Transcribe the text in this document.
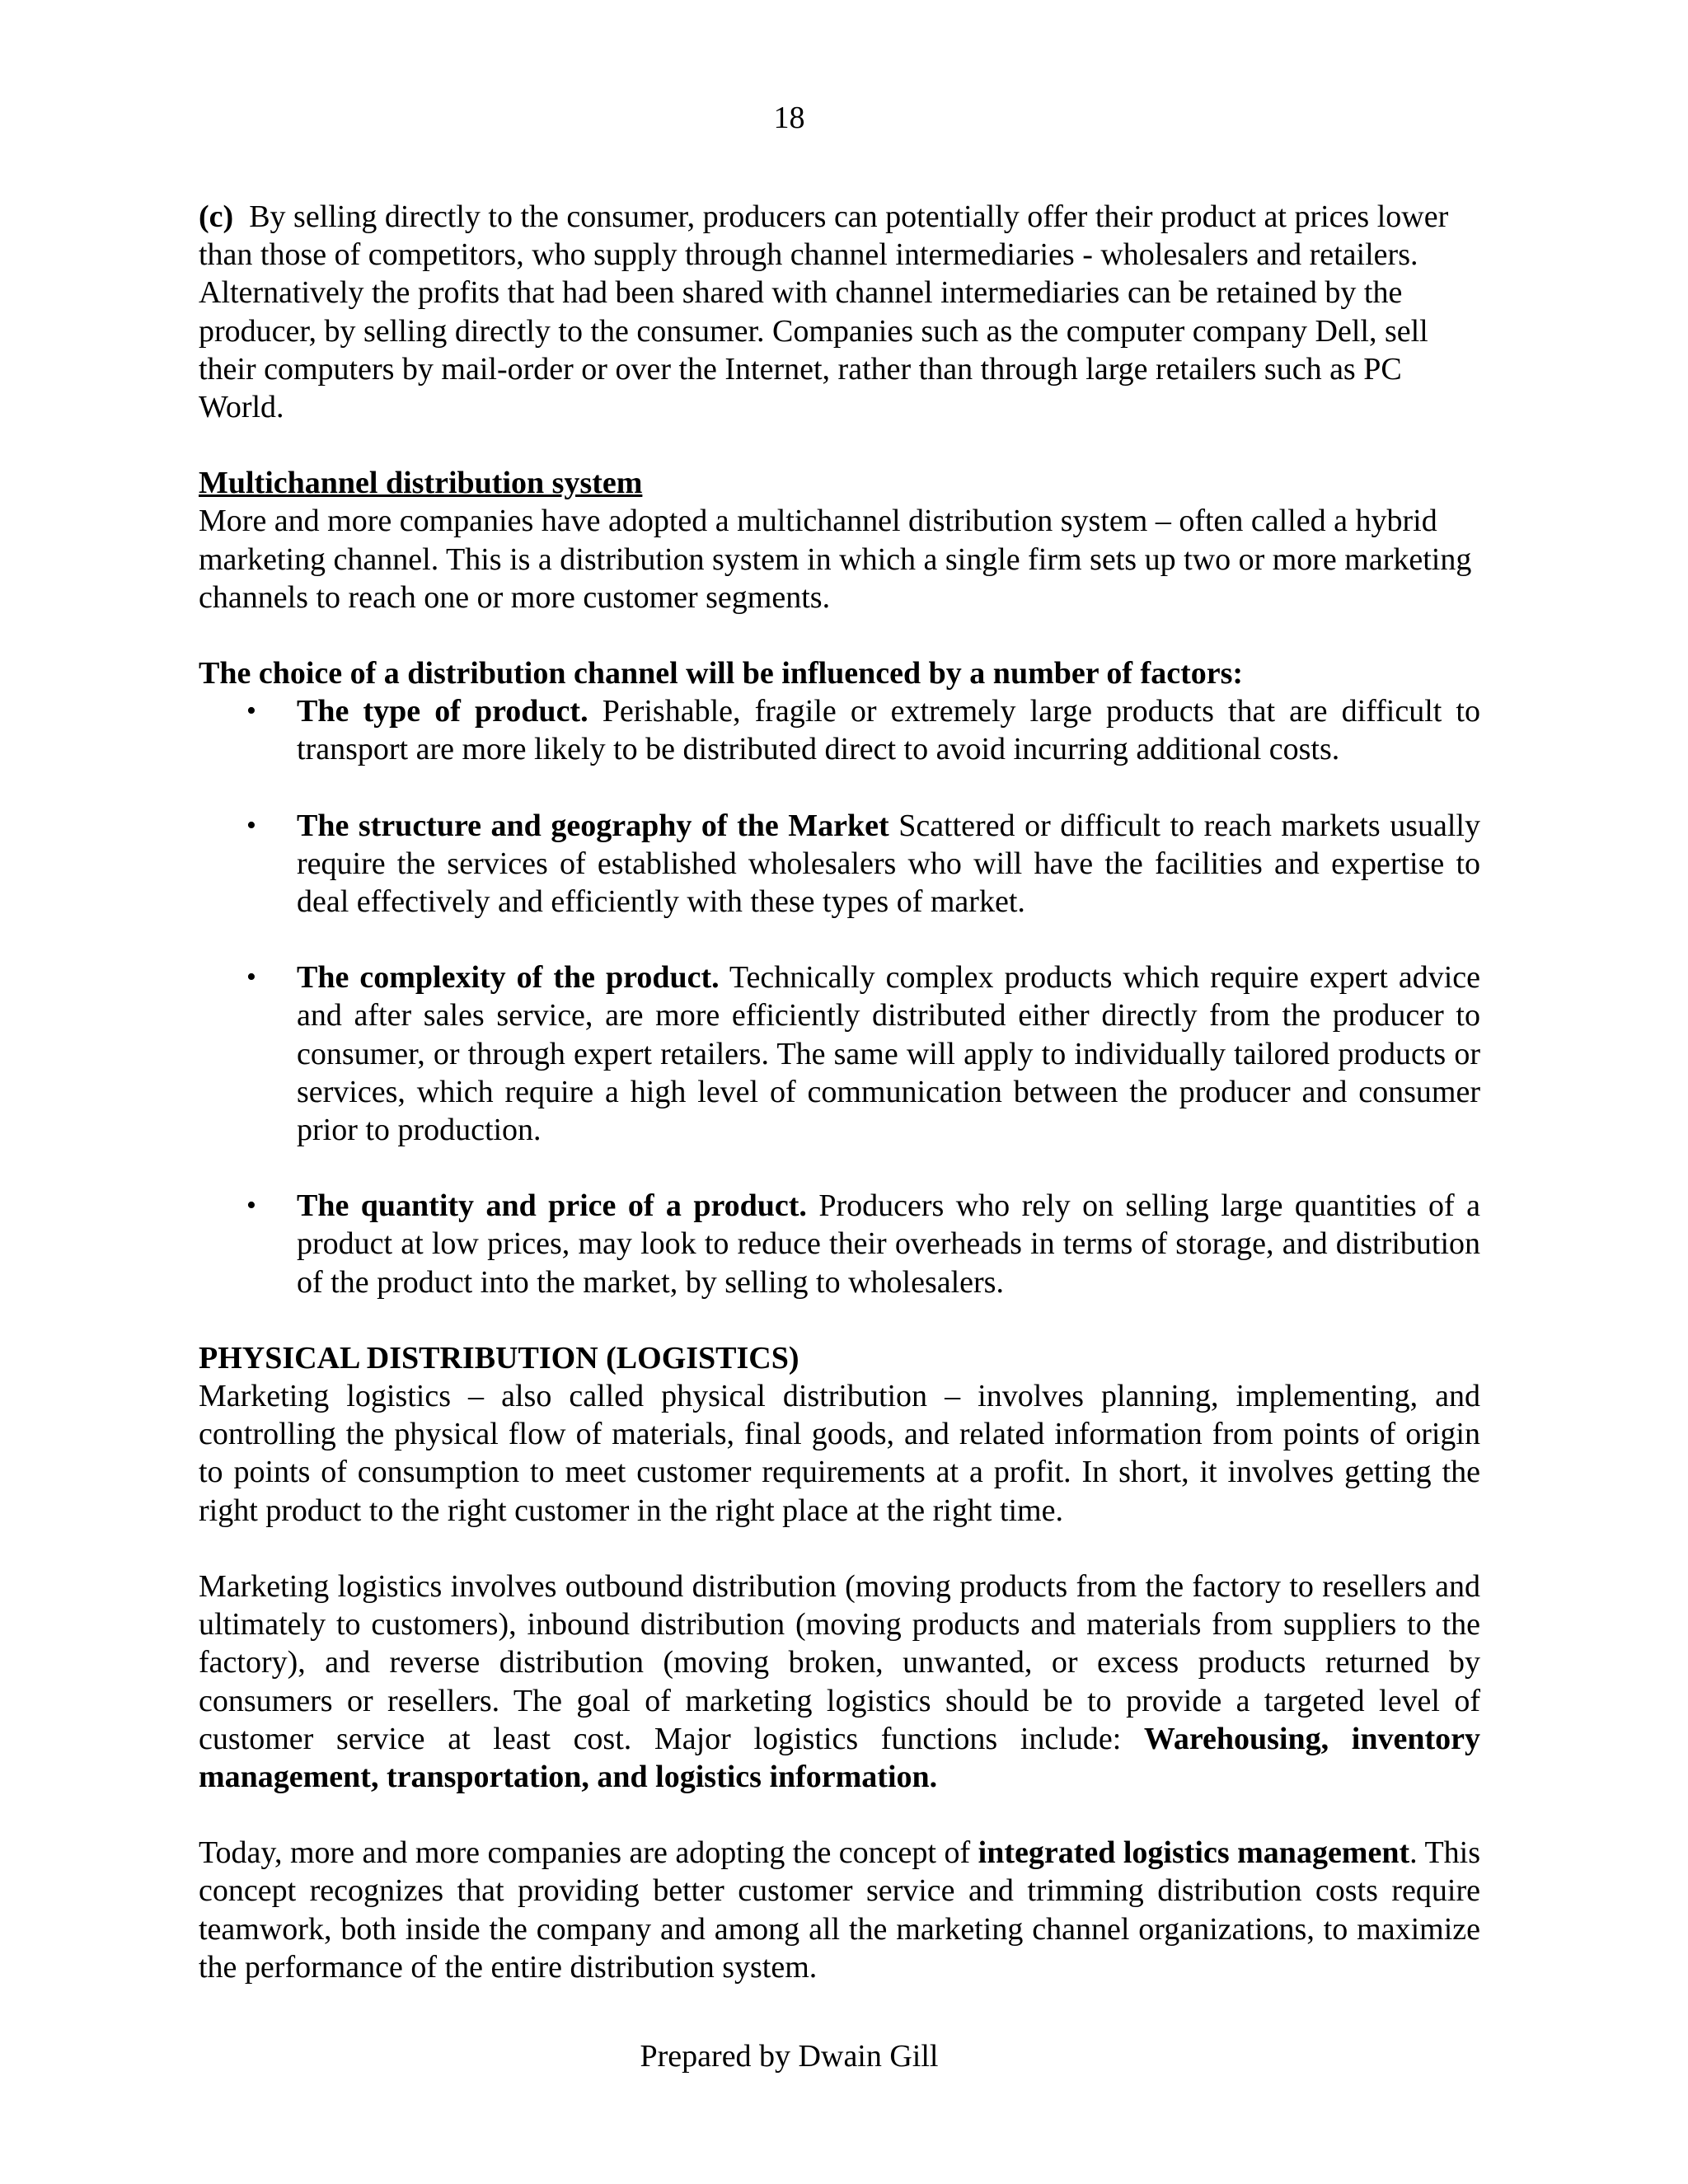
18

(c) By selling directly to the consumer, producers can potentially offer their product at prices lower than those of competitors, who supply through channel intermediaries - wholesalers and retailers. Alternatively the profits that had been shared with channel intermediaries can be retained by the producer, by selling directly to the consumer. Companies such as the computer company Dell, sell their computers by mail-order or over the Internet, rather than through large retailers such as PC World.

Multichannel distribution system

More and more companies have adopted a multichannel distribution system – often called a hybrid marketing channel. This is a distribution system in which a single firm sets up two or more marketing channels to reach one or more customer segments.

The choice of a distribution channel will be influenced by a number of factors:

• The type of product. Perishable, fragile or extremely large products that are difficult to transport are more likely to be distributed direct to avoid incurring additional costs.
• The structure and geography of the Market Scattered or difficult to reach markets usually require the services of established wholesalers who will have the facilities and expertise to deal effectively and efficiently with these types of market.
• The complexity of the product. Technically complex products which require expert advice and after sales service, are more efficiently distributed either directly from the producer to consumer, or through expert retailers. The same will apply to individually tailored products or services, which require a high level of communication between the producer and consumer prior to production.
• The quantity and price of a product. Producers who rely on selling large quantities of a product at low prices, may look to reduce their overheads in terms of storage, and distribution of the product into the market, by selling to wholesalers.

PHYSICAL DISTRIBUTION (LOGISTICS)

Marketing logistics – also called physical distribution – involves planning, implementing, and controlling the physical flow of materials, final goods, and related information from points of origin to points of consumption to meet customer requirements at a profit. In short, it involves getting the right product to the right customer in the right place at the right time.

Marketing logistics involves outbound distribution (moving products from the factory to resellers and ultimately to customers), inbound distribution (moving products and materials from suppliers to the factory), and reverse distribution (moving broken, unwanted, or excess products returned by consumers or resellers. The goal of marketing logistics should be to provide a targeted level of customer service at least cost. Major logistics functions include: Warehousing, inventory management, transportation, and logistics information.

Today, more and more companies are adopting the concept of integrated logistics management. This concept recognizes that providing better customer service and trimming distribution costs require teamwork, both inside the company and among all the marketing channel organizations, to maximize the performance of the entire distribution system.

Prepared by Dwain Gill
